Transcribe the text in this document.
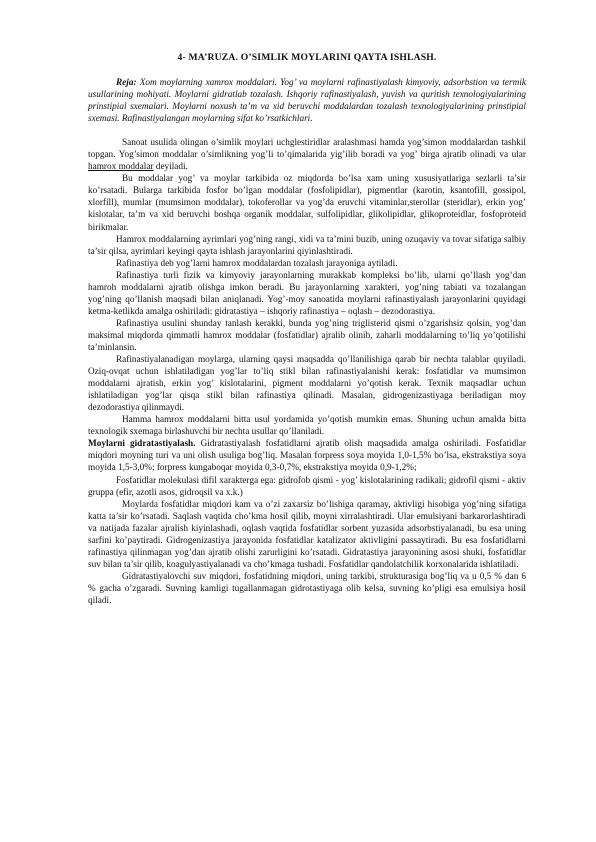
4- MA’RUZA. O’SIMLIK MOYLARINI QAYTA ISHLASH.

Reja: Xom moylarning xamrox moddalari. Yog’ va moylarni rafinastiyalash kimyoviy, adsorbstion va termik usullarining mohiyati. Moylarni gidratlab tozalash. Ishqoriy rafinastiyalash, yuvish va quritish texnologiyalarining prinstipial sxemalari. Moylarni noxush ta’m va xid beruvchi moddalardan tozalash texnologiyalarining prinstipial sxemasi. Rafinastiyalangan moylarning sifat ko’rsatkichlari.

Sanoat usulida olingan o’simlik moylari uchglestiridlar aralashmasi hamda yog’simon moddalardan tashkil topgan. Yog’simon moddalar o’simlikning yog’li to’qimalarida yig’ilib boradi va yog’ birga ajratib olinadi va ular hamrox moddalar deyiladi.

Bu moddalar yog’ va moylar tarkibida oz miqdorda bo’lsa xam uning xususiyatlariga sezlarli ta’sir ko’rsatadi. Bularga tarkibida fosfor bo’lgan moddalar (fosfolipidlar), pigmentlar (karotin, ksantofill, gossipol, xlorfill), mumlar (mumsimon moddalar), tokoferollar va yog’da eruvchi vitaminlar,sterollar (steridlar), erkin yog’ kislotalar, ta’m va xid beruvchi boshqa organik moddalar, sulfolipidlar, glikolipidlar, glikoproteidlar, fosfoproteid birikmalar.

Hamrox moddalarning ayrimlari yog’ning rangi, xidi va ta’mini buzib, uning ozuqaviy va tovar sifatiga salbiy ta’sir qilsa, ayrimlari keyingi qayta ishlash jarayonlarini qiyinlashtiradi.

Rafinastiya deb yog’larni hamrox moddalardan tozalash jarayoniga aytiladi.

Rafinastiya turli fizik va kimyoviy jarayonlarning murakkab kompleksi bo’lib, ularni qo’llash yog’dan hamroh moddalarni ajratib olishga imkon beradi. Bu jarayonlarning xarakteri, yog’ning tabiati va tozalangan yog’ning qo’llanish maqsadi bilan aniqlanadi. Yog’-moy sanoatida moylarni rafinastiyalash jarayonlarini quyidagi ketma-ketlikda amalga oshiriladi: gidratastiya – ishqoriy rafinastiya – oqlash – dezodorastiya.

Rafinastiya usulini shunday tanlash kerakki, bunda yog’ning triglisterid qismi o’zgarishsiz qolsin, yog’dan maksimal miqdorda qimmatli hamrox moddalar (fosfatidlar) ajralib olinib, zaharli moddalarning to’liq yo’qotilishi ta’minlansin.

Rafinastiyalanadigan moylarga, ularning qaysi maqsadda qo’llanilishiga qarab bir nechta talablar quyiladi. Oziq-ovqat uchun ishlatiladigan yog’lar to’liq stikl bilan rafinastiyalanishi kerak: fosfatidlar va mumsimon moddalarni ajratish, erkin yog’ kislotalarini, pigment moddalarni yo’qotish kerak. Texnik maqsadlar uchun ishlatiladigan yog’lar qisqa stikl bilan rafinastiya qilinadi. Masalan, gidrogenizastiyaga beriladigan moy dezodorastiya qilinmaydi.

Hamma hamrox moddalarni bitta usul yordamida yo’qotish mumkin emas. Shuning uchun amalda bitta texnologik sxemaga birlashuvchi bir nechta usullar qo’llaniladi.

Moylarni gidratastiyalash. Gidratastiyalash fosfatidlarni ajratib olish maqsadida amalga oshiriladi. Fosfatidlar miqdori moyning turi va uni olish usuliga bog’liq. Masalan forpress soya moyida 1,0-1,5% bo’lsa, ekstrakstiya soya moyida 1,5-3,0%; forpress kungaboqar moyida 0,3-0,7%, ekstrakstiya moyida 0,9-1,2%;

Fosfatidlar molekulasi difil xarakterga ega: gidrofob qismi - yog’ kislotalarining radikali; gidrofil qismi - aktiv gruppa (efir, azotli asos, gidroqsil va x.k.)

Moylarda fosfatidlar miqdori kam va o’zi zaxarsiz bo’lishiga qaramay, aktivligi hisobiga yog’ning sifatiga katta ta’sir ko’rsatadi. Saqlash vaqtida cho’kma hosil qilib, moyni xirralashtiradi. Ular emulsiyani barkarorlashtiradi va natijada fazalar ajralish kiyinlashadi, oqlash vaqtida fosfatidlar sorbent yuzasida adsorbstiyalanadi, bu esa uning sarfini ko’paytiradi. Gidrogenizastiya jarayonida fosfatidlar katalizator aktivligini passaytiradi. Bu esa fosfatidlarni rafinastiya qilinmagan yog’dan ajratib olishi zarurligini ko’rsatadi. Gidratastiya jarayonining asosi shuki, fosfatidlar suv bilan ta’sir qilib, koagulyastiyalanadi va cho’kmaga tushadi. Fosfatidlar qandolatchilik korxonalarida ishlatiladi.

Gidratastiyalovchi suv miqdori, fosfatidning miqdori, uning tarkibi, strukturasiga bog’liq va u 0,5 % dan 6 % gacha o’zgaradi. Suvning kamligi tugallanmagan gidrotastiyaga olib kelsa, suvning ko’pligi esa emulsiya hosil qiladi.
